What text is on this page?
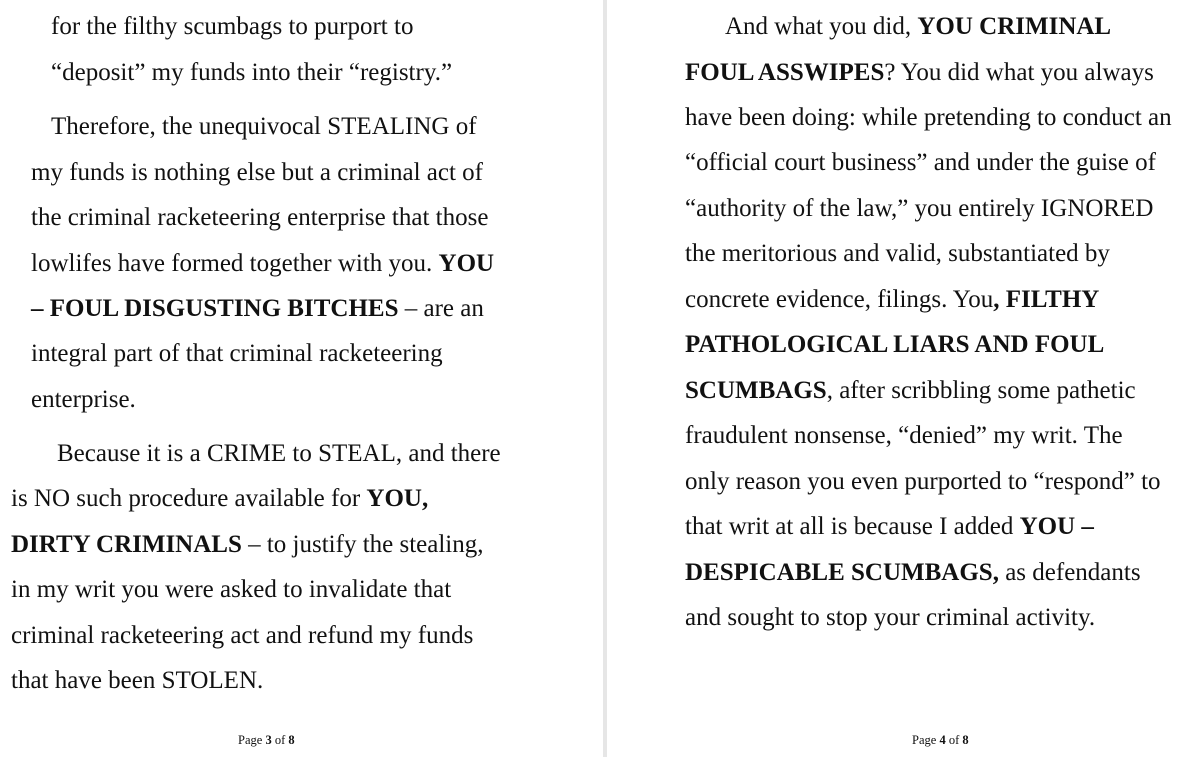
for the filthy scumbags to purport to
“deposit” my funds into their “registry.”
Therefore, the unequivocal STEALING of
my funds is nothing else but a criminal act of
the criminal racketeering enterprise that those
lowlifes have formed together with you. YOU
– FOUL DISGUSTING BITCHES – are an
integral part of that criminal racketeering
enterprise.
Because it is a CRIME to STEAL, and there
is NO such procedure available for YOU,
DIRTY CRIMINALS – to justify the stealing,
in my writ you were asked to invalidate that
criminal racketeering act and refund my funds
that have been STOLEN.
Page 3 of 8
And what you did, YOU CRIMINAL
FOUL ASSWIPES? You did what you always
have been doing: while pretending to conduct an
“official court business” and under the guise of
“authority of the law,” you entirely IGNORED
the meritorious and valid, substantiated by
concrete evidence, filings. You, FILTHY
PATHOLOGICAL LIARS AND FOUL
SCUMBAGS, after scribbling some pathetic
fraudulent nonsense, “denied” my writ. The
only reason you even purported to “respond” to
that writ at all is because I added YOU –
DESPICABLE SCUMBAGS, as defendants
and sought to stop your criminal activity.
Page 4 of 8
